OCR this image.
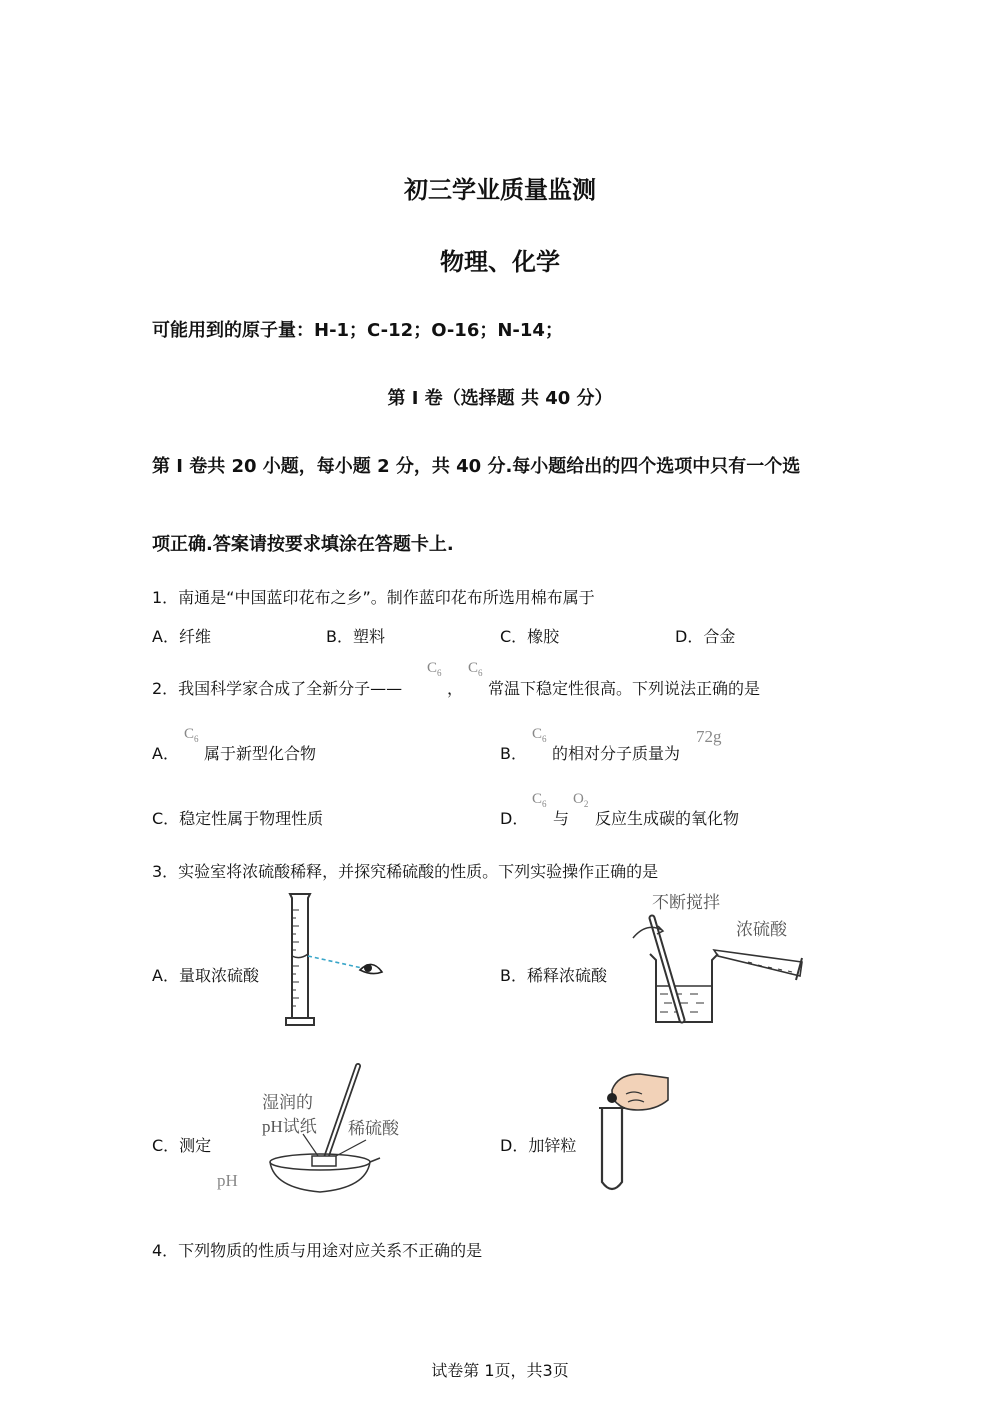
初三学业质量监测
物理、化学
可能用到的原子量：H-1；C-12；O-16；N-14；
第 I 卷（选择题 共 40 分）
第 I 卷共 20 小题，每小题 2 分，共 40 分.每小题给出的四个选项中只有一个选
项正确.答案请按要求填涂在答题卡上.
1．南通是“中国蓝印花布之乡”。制作蓝印花布所选用棉布属于
A．纤维	B．塑料	C．橡胶	D．合金
2．我国科学家合成了全新分子——
$C_6$
，
$C_6$
常温下稳定性很高。下列说法正确的是
A．
$C_6$
属于新型化合物	B．
$C_6$
的相对分子质量为
72g
C．稳定性属于物理性质	D．
$C_6$
与
$O_2$
反应生成碳的氧化物
3．实验室将浓硫酸稀释，并探究稀硫酸的性质。下列实验操作正确的是
A．量取浓硫酸	B．稀释浓硫酸
不断搅拌
浓硫酸
C．测定
pH
湿润的
pH试纸 稀硫酸
D．加锌粒
4．下列物质的性质与用途对应关系不正确的是
试卷第 1页，共3页
